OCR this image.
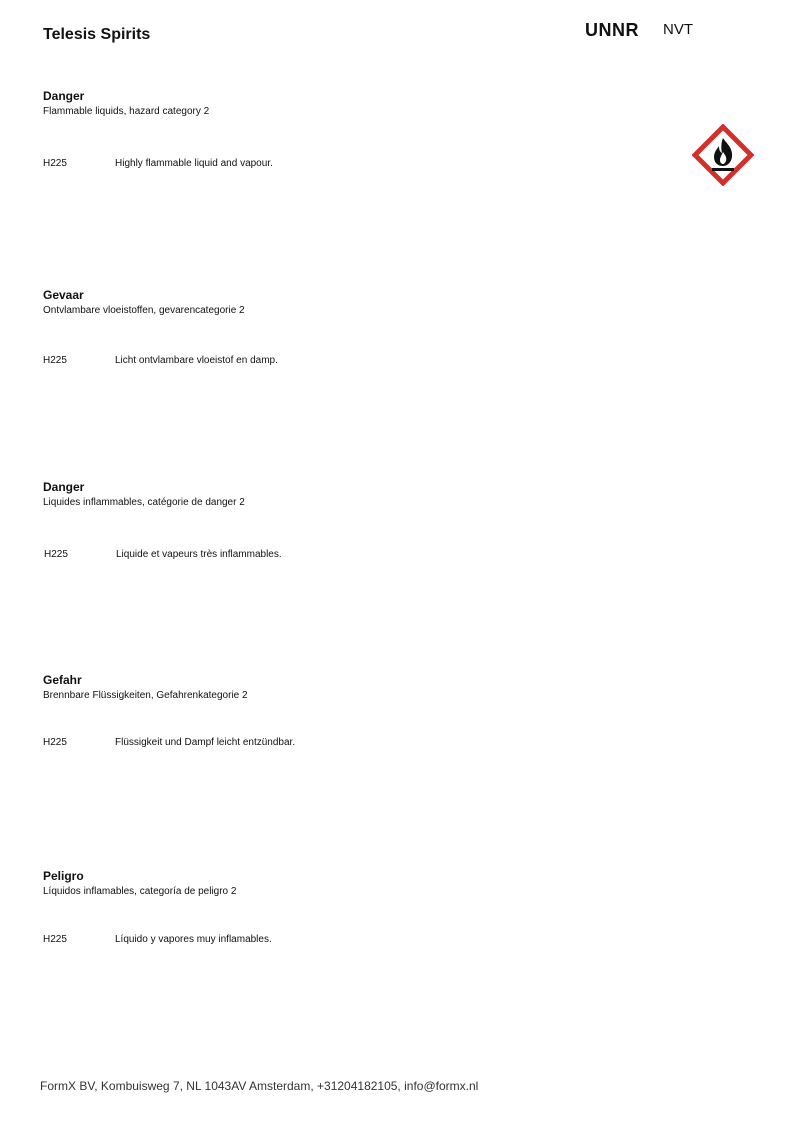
Telesis Spirits	UNNR NVT
Danger
Flammable liquids, hazard category 2
H225	Highly flammable liquid and vapour.
Gevaar
Ontvlambare vloeistoffen, gevarencategorie 2
H225	Licht ontvlambare vloeistof en damp.
Danger
Liquides inflammables, catégorie de danger 2
H225	Liquide et vapeurs très inflammables.
Gefahr
Brennbare Flüssigkeiten, Gefahrenkategorie 2
H225	Flüssigkeit und Dampf leicht entzündbar.
Peligro
Líquidos inflamables, categoría de peligro 2
H225	Líquido y vapores muy inflamables.
FormX BV, Kombuisweg 7, NL 1043AV Amsterdam, +31204182105, info@formx.nl
